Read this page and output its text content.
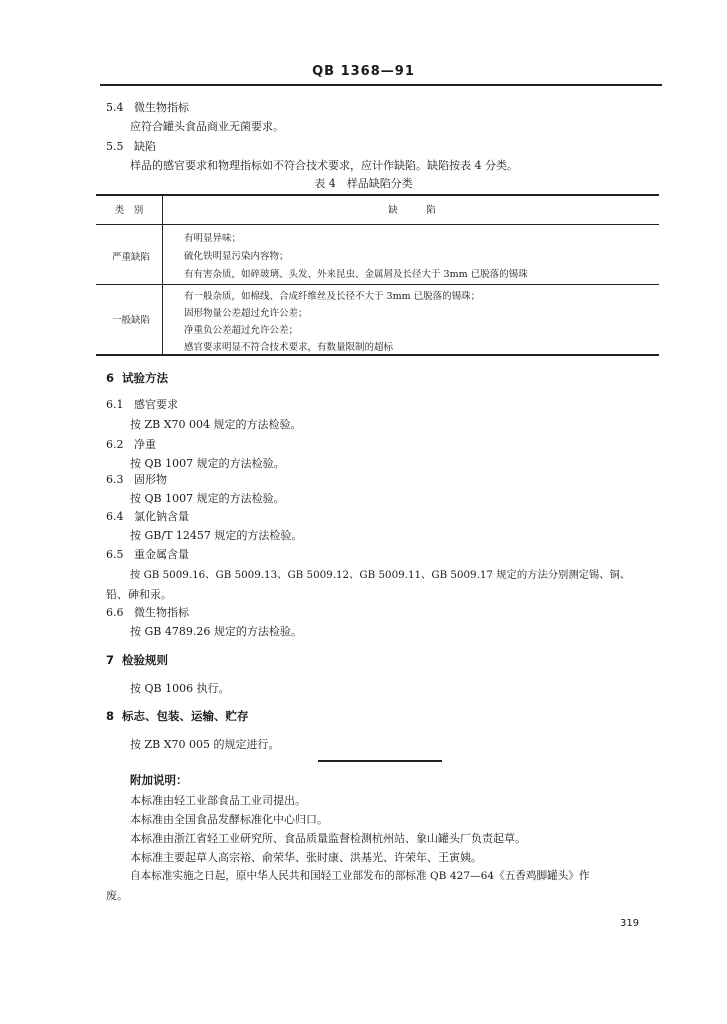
QB 1368—91
5.4 微生物指标
应符合罐头食品商业无菌要求。
5.5 缺陷
样品的感官要求和物理指标如不符合技术要求，应计作缺陷。缺陷按表 4 分类。
表 4　样品缺陷分类
类　别	缺　　　陷
严重缺陷
有明显异味；
硫化铁明显污染内容物；
有有害杂质，如碎玻璃、头发、外来昆虫、金属屑及长径大于 3mm 已脱落的锡珠
一般缺陷
有一般杂质，如棉线、合成纤维丝及长径不大于 3mm 已脱落的锡珠；
固形物量公差超过允许公差；
净重负公差超过允许公差；
感官要求明显不符合技术要求，有数量限制的超标
6 试验方法
6.1 感官要求
按 ZB X70 004 规定的方法检验。
6.2 净重
按 QB 1007 规定的方法检验。
6.3 固形物
按 QB 1007 规定的方法检验。
6.4 氯化钠含量
按 GB/T 12457 规定的方法检验。
6.5 重金属含量
按 GB 5009.16、GB 5009.13、GB 5009.12、GB 5009.11、GB 5009.17 规定的方法分别测定锡、铜、
铅、砷和汞。
6.6 微生物指标
按 GB 4789.26 规定的方法检验。
7 检验规则
按 QB 1006 执行。
8 标志、包装、运输、贮存
按 ZB X70 005 的规定进行。
附加说明：
本标准由轻工业部食品工业司提出。
本标准由全国食品发酵标准化中心归口。
本标准由浙江省轻工业研究所、食品质量监督检测杭州站、象山罐头厂负责起草。
本标准主要起草人高宗裕、俞荣华、张时康、洪基光、许荣年、王寅姨。
自本标准实施之日起，原中华人民共和国轻工业部发布的部标准 QB 427—64《五香鸡脚罐头》作
废。
319
